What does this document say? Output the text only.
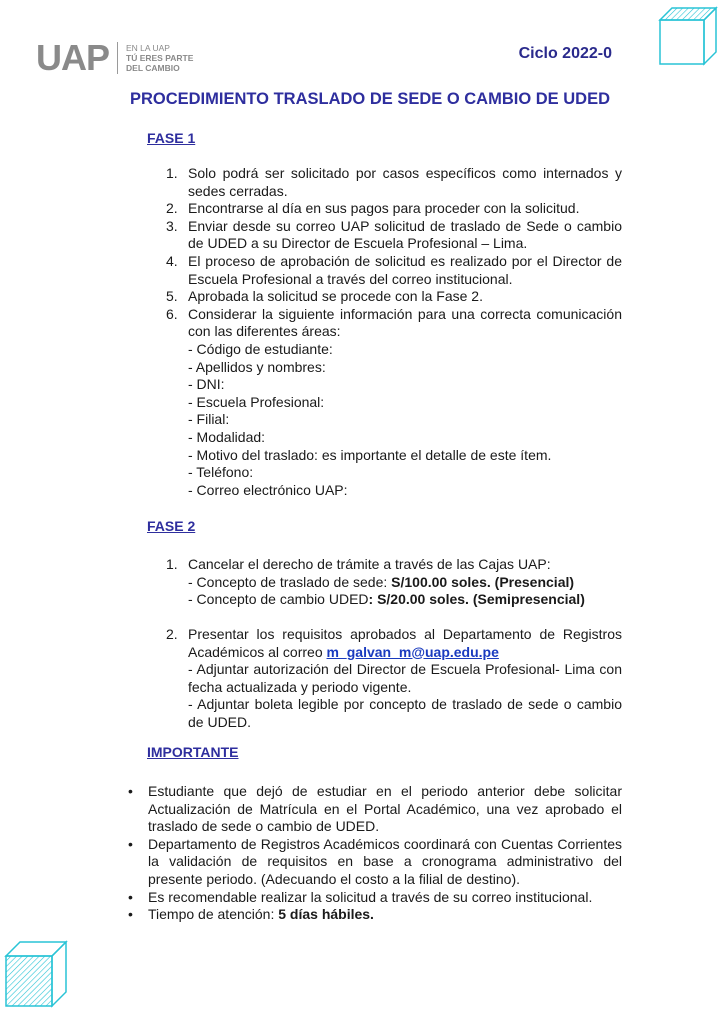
UAP EN LA UAP
TÚ ERES PARTE
DEL CAMBIO
Ciclo 2022-0
PROCEDIMIENTO TRASLADO DE SEDE O CAMBIO DE UDED
FASE 1
1. Solo podrá ser solicitado por casos específicos como internados y sedes cerradas.
2. Encontrarse al día en sus pagos para proceder con la solicitud.
3. Enviar desde su correo UAP solicitud de traslado de Sede o cambio de UDED a su Director de Escuela Profesional – Lima.
4. El proceso de aprobación de solicitud es realizado por el Director de Escuela Profesional a través del correo institucional.
5. Aprobada la solicitud se procede con la Fase 2.
6. Considerar la siguiente información para una correcta comunicación con las diferentes áreas:
- Código de estudiante:
- Apellidos y nombres:
- DNI:
- Escuela Profesional:
- Filial:
- Modalidad:
- Motivo del traslado: es importante el detalle de este ítem.
- Teléfono:
- Correo electrónico UAP:
FASE 2
1. Cancelar el derecho de trámite a través de las Cajas UAP:
- Concepto de traslado de sede: S/100.00 soles. (Presencial)
- Concepto de cambio UDED: S/20.00 soles. (Semipresencial)
2. Presentar los requisitos aprobados al Departamento de Registros Académicos al correo m_galvan_m@uap.edu.pe
- Adjuntar autorización del Director de Escuela Profesional- Lima con fecha actualizada y periodo vigente.
- Adjuntar boleta legible por concepto de traslado de sede o cambio de UDED.
IMPORTANTE
• Estudiante que dejó de estudiar en el periodo anterior debe solicitar Actualización de Matrícula en el Portal Académico, una vez aprobado el traslado de sede o cambio de UDED.
• Departamento de Registros Académicos coordinará con Cuentas Corrientes la validación de requisitos en base a cronograma administrativo del presente periodo. (Adecuando el costo a la filial de destino).
• Es recomendable realizar la solicitud a través de su correo institucional.
• Tiempo de atención: 5 días hábiles.
